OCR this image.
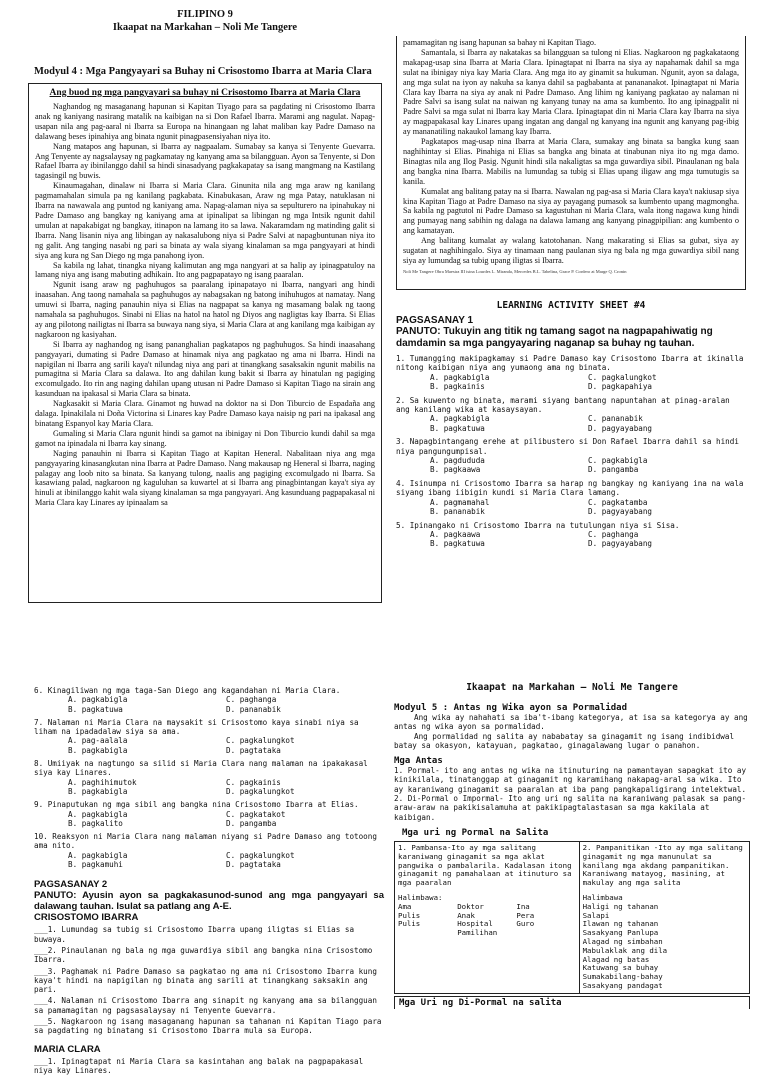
FILIPINO 9
Ikaapat na Markahan – Noli Me Tangere
Modyul 4 : Mga Pangyayari sa Buhay ni Crisostomo Ibarra at Maria Clara
Ang buod ng mga pangyayari sa buhay ni Crisostomo Ibarra at Maria Clara
Naghandog ng masaganang hapunan si Kapitan Tiyago para sa pagdating ni Crisostomo Ibarra anak ng kaniyang nasirang matalik na kaibigan na si Don Rafael Ibarra. Marami ang nagulat. Napag-usapan nila ang pag-aaral ni Ibarra sa Europa na hinangaan ng lahat maliban kay Padre Damaso na dalawang beses ipinahiya ang binata ngunit pinagpasensiyahan niya ito.
Nang matapos ang hapunan, si Ibarra ay nagpaalam. Sumabay sa kanya si Tenyente Guevarra. Ang Tenyente ay nagsalaysay ng pagkamatay ng kanyang ama sa bilangguan. Ayon sa Tenyente, si Don Rafael Ibarra ay ibinilanggo dahil sa hindi sinasadyang pagkakapatay sa isang mangmang na Kastilang tagasingil ng buwis.
Kinaumagahan, dinalaw ni Ibarra si Maria Clara. Ginunita nila ang mga araw ng kanilang pagmamahalan simula pa ng kanilang pagkabata. Kinabukasan, Araw ng mga Patay, natuklasan ni Ibarra na nawawala ang puntod ng kaniyang ama. Napag-alaman niya sa sepulturero na ipinahukay ni Padre Damaso ang bangkay ng kaniyang ama at ipinalipat sa libingan ng mga Intsik ngunit dahil umulan at napakabigat ng bangkay, itinapon na lamang ito sa lawa. Nakaramdam ng matinding galit si Ibarra. Nang lisanin niya ang libingan ay nakasalubong niya si Padre Salvi at napagbuntunan niya ito ng galit. Ang tanging nasabi ng pari sa binata ay wala siyang kinalaman sa mga pangyayari at hindi siya ang kura ng San Diego ng mga panahong iyon.
Sa kabila ng lahat, tinangka niyang kalimutan ang mga nangyari at sa halip ay ipinagpatuloy na lamang niya ang isang mabuting adhikain. Ito ang pagpapatayo ng isang paaralan.
Ngunit isang araw ng paghuhugos sa paaralang ipinapatayo ni Ibarra, nangyari ang hindi inaasahan. Ang taong namahala sa paghuhugos ay nabagsakan ng batong inihuhugos at namatay. Nang umuwi si Ibarra, naging panauhin niya si Elias na nagpapat sa kanya ng masamang balak ng taong namahala sa paghuhugos. Sinabi ni Elias na hatol na hatol ng Diyos ang nagligtas kay Ibarra. Si Elias ay ang pilotong nailigtas ni Ibarra sa buwaya nang siya, si Maria Clara at ang kanilang mga kaibigan ay nagkaroon ng kasiyahan.
Si Ibarra ay naghandog ng isang pananghalian pagkatapos ng paghuhugos. Sa hindi inaasahang pangyayari, dumating si Padre Damaso at hinamak niya ang pagkatao ng ama ni Ibarra. Hindi na napigilan ni Ibarra ang sarili kaya't nilundag niya ang pari at tinangkang sasaksakin ngunit mabilis na pumagitna si Maria Clara sa dalawa. Ito ang dahilan kung bakit si Ibarra ay hinatulan ng pagiging excomulgado. Ito rin ang naging dahilan upang utusan ni Padre Damaso si Kapitan Tiago na sirain ang kasunduan na ipakasal si Maria Clara sa binata.
Nagkasakit si Maria Clara. Ginamot ng huwad na doktor na si Don Tiburcio de Espadaña ang dalaga. Ipinakilala ni Doña Victorina si Linares kay Padre Damaso kaya naisip ng pari na ipakasal ang binatang Espanyol kay Maria Clara.
Gumaling si Maria Clara ngunit hindi sa gamot na ibinigay ni Don Tiburcio kundi dahil sa mga gamot na ipinadala ni Ibarra kay sinang.
Naging panauhin ni Ibarra si Kapitan Tiago at Kapitan Heneral. Nabalitaan niya ang mga pangyayaring kinasangkutan nina Ibarra at Padre Damaso. Nang makausap ng Heneral si Ibarra, naging palagay ang loob nito sa binata. Sa kanyang tulong, naalis ang pagiging excomulgado ni Ibarra. Sa kasawiang palad, nagkaroon ng kaguluhan sa kuwartel at si Ibarra ang pinagbintangan kaya't siya ay hinuli at ibinilanggo kahit wala siyang kinalaman sa mga pangyayari. Ang kasunduang pagpapakasal ni Maria Clara kay Linares ay ipinaalam sa
pamamagitan ng isang hapunan sa bahay ni Kapitan Tiago.
Samantala, si Ibarra ay nakatakas sa bilangguan sa tulong ni Elias. Nagkaroon ng pagkakataong makapag-usap sina Ibarra at Maria Clara. Ipinagtapat ni Ibarra na siya ay napahamak dahil sa mga sulat na ibinigay niya kay Maria Clara. Ang mga ito ay ginamit sa hukuman. Ngunit, ayon sa dalaga, ang mga sulat na iyon ay nakuha sa kanya dahil sa pagbabanta at panananakot. Ipinagtapat ni Maria Clara kay Ibarra na siya ay anak ni Padre Damaso. Ang lihim ng kaniyang pagkatao ay nalaman ni Padre Salvi sa isang sulat na naiwan ng kanyang tunay na ama sa kumbento. Ito ang ipinagpalit ni Padre Salvi sa mga sulat ni Ibarra kay Maria Clara. Ipinagtapat din ni Maria Clara kay Ibarra na siya ay magpapakasal kay Linares upang ingatan ang dangal ng kanyang ina ngunit ang kanyang pag-ibig ay mananatiling nakaukol lamang kay Ibarra.
Pagkatapos mag-usap nina Ibarra at Maria Clara, sumakay ang binata sa bangka kung saan naghihintay si Elias. Pinahiga ni Elias sa bangka ang binata at tinabunan niya ito ng mga damo. Binagtas nila ang Ilog Pasig. Ngunit hindi sila nakaligtas sa mga guwardiya sibil. Pinaulanan ng bala ang bangka nina Ibarra. Mabilis na lumundag sa tubig si Elias upang iligaw ang mga tumutugis sa kanila.
Kumalat ang balitang patay na si Ibarra. Nawalan ng pag-asa si Maria Clara kaya't nakiusap siya kina Kapitan Tiago at Padre Damaso na siya ay payagang pumasok sa kumbento upang magmongha. Sa kabila ng pagtutol ni Padre Damaso sa kagustuhan ni Maria Clara, wala itong nagawa kung hindi ang pumayag nang sabihin ng dalaga na dalawa lamang ang kanyang pinagpipilian: ang kumbento o ang kamatayan.
Ang balitang kumalat ay walang katotohanan. Nang makarating si Elias sa gubat, siya ay sugatan at naghihingalo. Siya ay tinamaan nang paulanan siya ng bala ng mga guwardiya sibil nang siya ay lumundag sa tubig upang iligtas si Ibarra.
Noli Me Tangere Obra Maestra III isina Lourdes L. Miranda, Mercedes B.L. Tabelina, Grace P. Cordero at Marge Q. Cronin
LEARNING ACTIVITY SHEET #4
PAGSASANAY 1
PANUTO: Tukuyin ang titik ng tamang sagot na nagpapahiwatig ng damdamin sa mga pangyayaring naganap sa buhay ng tauhan.
1. Tumangging makipagkamay si Padre Damaso kay Crisostomo Ibarra at ikinalla nitong kaibigan niya ang yumaong ama ng binata.
A. pagkabigla	C. pagkalungkot
B. pagkainis	D. pagkapahiya
2. Sa kuwento ng binata, marami siyang bantang napuntahan at pinag-aralan ang kanilang wika at kasaysayan.
A. pagkabigla	C. pananabik
B. pagkatuwa	D. pagyayabang
3. Napagbintangang erehe at pilibustero si Don Rafael Ibarra dahil sa hindi niya pangungumpisal.
A. pagdududa	C. pagkabigla
B. pagkaawa	D. pangamba
4. Isinumpa ni Crisostomo Ibarra sa harap ng bangkay ng kaniyang ina na wala siyang ibang iibigin kundi si Maria Clara lamang.
A. pagmamahal	C. pagkatamba
B. pananabik	D. pagyayabang
5. Ipinangako ni Crisostomo Ibarra na tutulungan niya si Sisa.
A. pagkaawa	C. paghanga
B. pagkatuwa	D. pagyayabang
6. Kinagiliwan ng mga taga-San Diego ang kagandahan ni Maria Clara.
A. pagkabigla	C. paghanga
B. pagkatuwa	D. pananabik
7. Nalaman ni Maria Clara na maysakit si Crisostomo kaya sinabi niya sa liham na ipadadalaw siya sa ama.
A. pag-aalala	C. pagkalungkot
B. pagkabigla	D. pagtataka
8. Umiiyak na nagtungo sa silid si Maria Clara nang malaman na ipakakasal siya kay Linares.
A. paghihimutok	C. pagkainis
B. pagkabigla	D. pagkalungkot
9. Pinaputukan ng mga sibil ang bangka nina Crisostomo Ibarra at Elias.
A. pagkabigla	C. pagkatakot
B. pagkalito	D. pangamba
10. Reaksyon ni Maria Clara nang malaman niyang si Padre Damaso ang totoong ama nito.
A. pagkabigla	C. pagkalungkot
B. pagkamuhi	D. pagtataka
PAGSASANAY 2
PANUTO: Ayusin ayon sa pagkakasunod-sunod ang mga pangyayari sa dalawang tauhan. Isulat sa patlang ang A-E.
CRISOSTOMO IBARRA
___1. Lumundag sa tubig si Crisostomo Ibarra upang iligtas si Elias sa buwaya.
___2. Pinaulanan ng bala ng mga guwardiya sibil ang bangka nina Crisostomo Ibarra.
___3. Paghamak ni Padre Damaso sa pagkatao ng ama ni Crisostomo Ibarra kung kaya't hindi na napigilan ng binata ang sarili at tinangkang saksakin ang pari.
___4. Nalaman ni Crisostomo Ibarra ang sinapit ng kanyang ama sa bilangguan sa pamamagitan ng pagsasalaysay ni Tenyente Guevarra.
___5. Nagkaroon ng isang masaganang hapunan sa tahanan ni Kapitan Tiago para sa pagdating ng binatang si Crisostomo Ibarra mula sa Europa.
MARIA CLARA
___1. Ipinagtapat ni Maria Clara sa kasintahan ang balak na pagpapakasal niya kay Linares.
Ikaapat na Markahan – Noli Me Tangere
Modyul 5 : Antas ng Wika ayon sa Pormalidad
Ang wika ay nahahati sa iba't-ibang kategorya, at isa sa kategorya ay ang antas ng wika ayon sa pormalidad.
Ang pormalidad ng salita ay nababatay sa ginagamit ng isang indibidwal batay sa okasyon, katayuan, pagkatao, ginagalawang lugar o panahon.
Mga Antas
1. Pormal- ito ang antas ng wika na itinuturing na pamantayan sapagkat ito ay kinikilala, tinatanggap at ginagamit ng karamihang nakapag-aral sa wika. Ito ay karaniwang ginagamit sa paaralan at iba pang pangkapaligirang intelektwal.
2. Di-Pormal o Impormal- Ito ang uri ng salita na karaniwang palasak sa pang-araw-araw na pakikisalamuha at pakikipagtalastasan sa mga kakilala at kaibigan.
Mga uri ng Pormal na Salita
1. Pambansa-Ito ay mga salitang karaniwang ginagamit sa mga aklat pangwika o pambalarila. Kadalasan itong ginagamit ng pamahalaan at itinuturo sa mga paaralan
Halimbawa:
Ama	Doktor	Ina
Pulis	Anak	Pera
Pulis	Hospital	Guro
Pamilihan

2. Pampanitikan -Ito ay mga salitang ginagamit ng mga manunulat sa kanilang mga akdang pampanitikan. Karaniwang matayog, masining, at makulay ang mga salita
Halimbawa
Haligi ng tahanan
Salapi
Ilawan ng tahanan
Sasakyang Panlupa
Alagad ng simbahan
Mabulaklak ang dila
Alagad ng batas
Katuwang sa buhay
Sumakabilang-bahay
Sasakyang pandagat
Mga Uri ng Di-Pormal na salita
